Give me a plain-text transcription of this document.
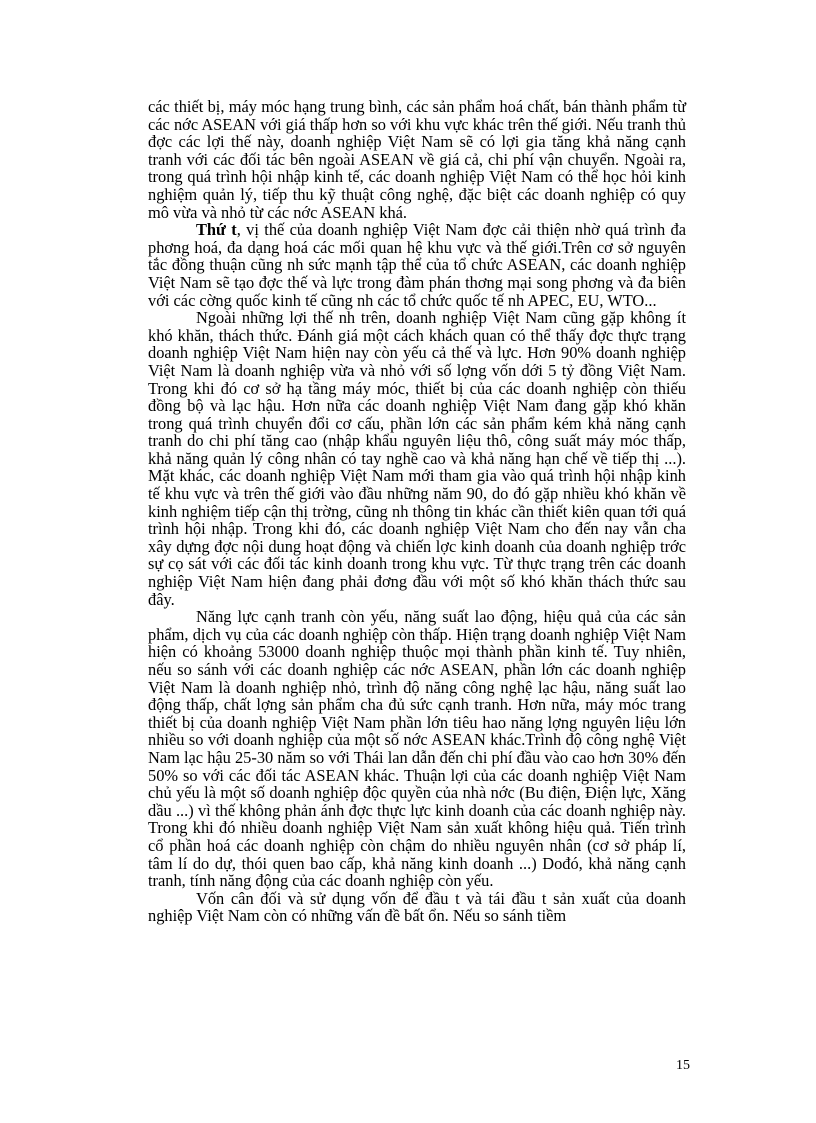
các thiết bị, máy móc hạng trung bình, các sản phẩm hoá chất, bán thành phẩm từ các nớc ASEAN với giá thấp hơn so với khu vực khác trên thế giới. Nếu tranh thủ đợc các lợi thế này, doanh nghiệp Việt Nam sẽ có lợi gia tăng khả năng cạnh tranh với các đối tác bên ngoài ASEAN về giá cả, chi phí vận chuyển. Ngoài ra, trong quá trình hội nhập kinh tế, các doanh nghiệp Việt Nam có thể học hỏi kinh nghiệm quản lý, tiếp thu kỹ thuật công nghệ, đặc biệt các doanh nghiệp có quy mô vừa và nhỏ từ các nớc ASEAN khá.

Thứ t, vị thế của doanh nghiệp Việt Nam đợc cải thiện nhờ quá trình đa phơng hoá, đa dạng hoá các mối quan hệ khu vực và thế giới.Trên cơ sở nguyên tắc đồng thuận cũng nh sức mạnh tập thể của tổ chức ASEAN, các doanh nghiệp Việt Nam sẽ tạo đợc thế và lực trong đàm phán thơng mại song phơng và đa biên với các cờng quốc kinh tế cũng nh các tổ chức quốc tế nh APEC, EU, WTO...

Ngoài những lợi thế nh trên, doanh nghiệp Việt Nam cũng gặp không ít khó khăn, thách thức. Đánh giá một cách khách quan có thể thấy đợc thực trạng doanh nghiệp Việt Nam hiện nay còn yếu cả thế và lực. Hơn 90% doanh nghiệp Việt Nam là doanh nghiệp vừa và nhỏ với số lợng vốn dới 5 tỷ đồng Việt Nam. Trong khi đó cơ sở hạ tầng máy móc, thiết bị của các doanh nghiệp còn thiếu đồng bộ và lạc hậu. Hơn nữa các doanh nghiệp Việt Nam đang gặp khó khăn trong quá trình chuyển đổi cơ cấu, phần lớn các sản phẩm kém khả năng cạnh tranh do chi phí tăng cao (nhập khẩu nguyên liệu thô, công suất máy móc thấp, khả năng quản lý công nhân có tay nghề cao và khả năng hạn chế về tiếp thị ...). Mặt khác, các doanh nghiệp Việt Nam mới tham gia vào quá trình hội nhập kinh tế khu vực và trên thế giới vào đầu những năm 90, do đó gặp nhiều khó khăn về kinh nghiệm tiếp cận thị trờng, cũng nh thông tin khác cần thiết kiên quan tới quá trình hội nhập. Trong khi đó, các doanh nghiệp Việt Nam cho đến nay vẫn cha xây dựng đợc nội dung hoạt động và chiến lợc kinh doanh của doanh nghiệp trớc sự cọ sát với các đối tác kinh doanh trong khu vực. Từ thực trạng trên các doanh nghiệp Việt Nam hiện đang phải đơng đầu với một số khó khăn thách thức sau đây.

Năng lực cạnh tranh còn yếu, năng suất lao động, hiệu quả của các sản phẩm, dịch vụ của các doanh nghiệp còn thấp. Hiện trạng doanh nghiệp Việt Nam hiện có khoảng 53000 doanh nghiệp thuộc mọi thành phần kinh tế. Tuy nhiên, nếu so sánh với các doanh nghiệp các nớc ASEAN, phần lớn các doanh nghiệp Việt Nam là doanh nghiệp nhỏ, trình độ năng công nghệ lạc hậu, năng suất lao động thấp, chất lợng sản phẩm cha đủ sức cạnh tranh. Hơn nữa, máy móc trang thiết bị của doanh nghiệp Việt Nam phần lớn tiêu hao năng lợng nguyên liệu lớn nhiều so với doanh nghiệp của một số nớc ASEAN khác.Trình độ công nghệ Việt Nam lạc hậu 25-30 năm so với Thái lan dẫn đến chi phí đầu vào cao hơn 30% đến 50% so với các đối tác ASEAN khác. Thuận lợi của các doanh nghiệp Việt Nam chủ yếu là một số doanh nghiệp độc quyền của nhà nớc (Bu điện, Điện lực, Xăng dầu ...) vì thế không phản ánh đợc thực lực kinh doanh của các doanh nghiệp này. Trong khi đó nhiều doanh nghiệp Việt Nam sản xuất không hiệu quả. Tiến trình cổ phần hoá các doanh nghiệp còn chậm do nhiều nguyên nhân (cơ sở pháp lí, tâm lí do dự, thói quen bao cấp, khả năng kinh doanh ...) Dođó, khả năng cạnh tranh, tính năng động của các doanh nghiệp còn yếu.

Vốn cân đối và sử dụng vốn để đầu t và tái đầu t sản xuất của doanh nghiệp Việt Nam còn có những vấn đề bất ổn. Nếu so sánh tiềm

15
